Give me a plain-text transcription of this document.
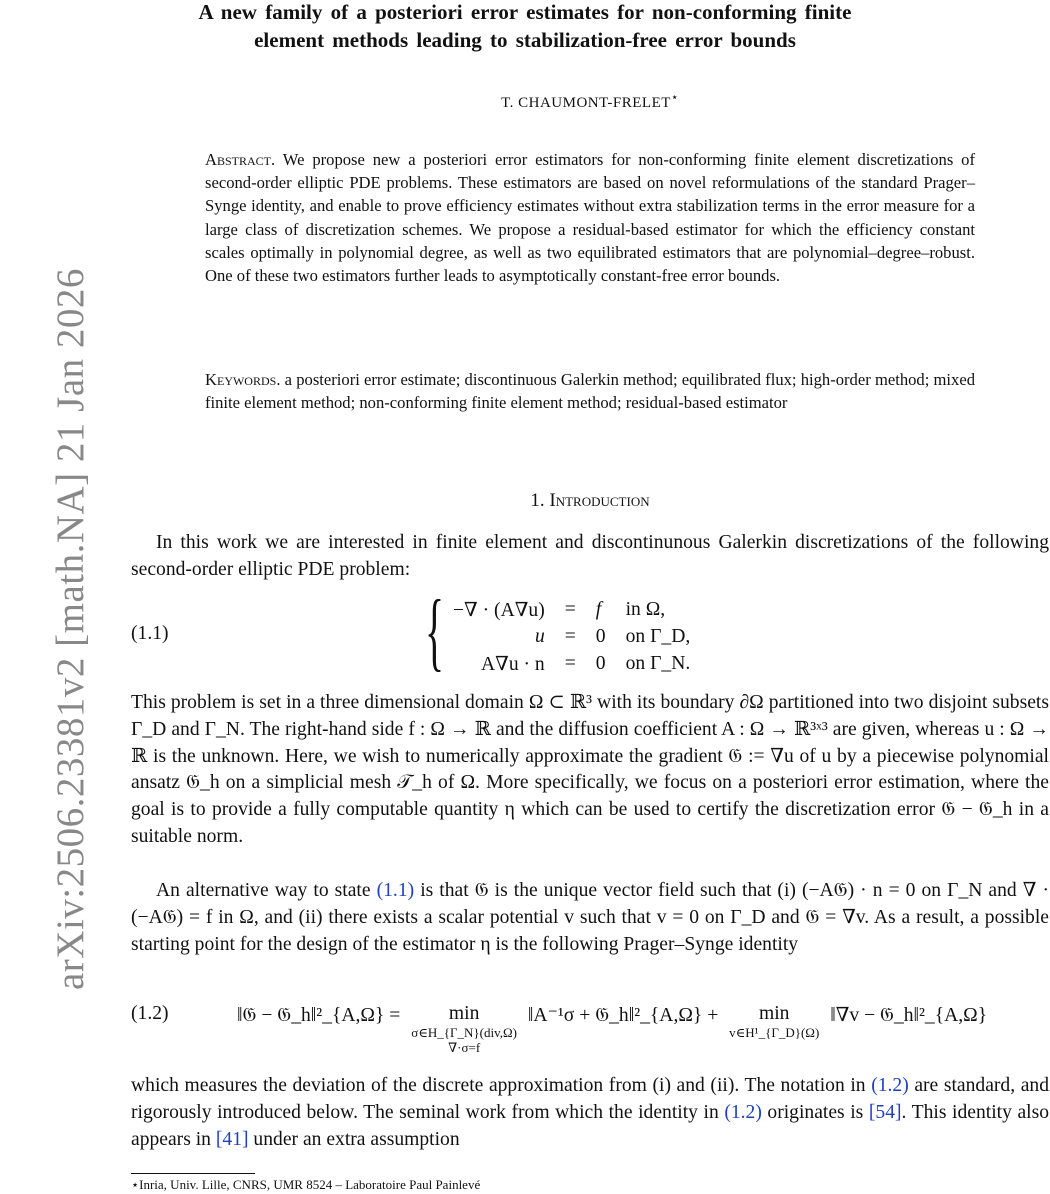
arXiv:2506.23381v2 [math.NA] 21 Jan 2026
A new family of a posteriori error estimates for non-conforming finite
element methods leading to stabilization-free error bounds
T. CHAUMONT-FRELET⋆
Abstract. We propose new a posteriori error estimators for non-conforming finite element discretizations of second-order elliptic PDE problems. These estimators are based on novel reformulations of the standard Prager–Synge identity, and enable to prove efficiency estimates without extra stabilization terms in the error measure for a large class of discretization schemes. We propose a residual-based estimator for which the efficiency constant scales optimally in polynomial degree, as well as two equilibrated estimators that are polynomial–degree–robust. One of these two estimators further leads to asymptotically constant-free error bounds.
Keywords. a posteriori error estimate; discontinuous Galerkin method; equilibrated flux; high-order method; mixed finite element method; non-conforming finite element method; residual-based estimator
1. Introduction
In this work we are interested in finite element and discontinunous Galerkin discretizations of the following second-order elliptic PDE problem:
(1.1)	{ −∇ · (A∇u)	=	f	in Ω,
u	=	0	on Γ_D,
A∇u · n	=	0	on Γ_N.
This problem is set in a three dimensional domain Ω ⊂ ℝ³ with its boundary ∂Ω partitioned into two disjoint subsets Γ_D and Γ_N. The right-hand side f : Ω → ℝ and the diffusion coefficient A : Ω → ℝ³ˣ³ are given, whereas u : Ω → ℝ is the unknown. Here, we wish to numerically approximate the gradient 𝔊 := ∇u of u by a piecewise polynomial ansatz 𝔊_h on a simplicial mesh 𝒯_h of Ω. More specifically, we focus on a posteriori error estimation, where the goal is to provide a fully computable quantity η which can be used to certify the discretization error 𝔊 − 𝔊_h in a suitable norm.
An alternative way to state (1.1) is that 𝔊 is the unique vector field such that (i) (−A𝔊) · n = 0 on Γ_N and ∇ · (−A𝔊) = f in Ω, and (ii) there exists a scalar potential v such that v = 0 on Γ_D and 𝔊 = ∇v. As a result, a possible starting point for the design of the estimator η is the following Prager–Synge identity
(1.2)	‖𝔊 − 𝔊_h‖²_{A,Ω} =	min
σ∈H_{Γ_N}(div,Ω)
∇·σ=f
‖A⁻¹σ + 𝔊_h‖²_{A,Ω} +	min
v∈H¹_{Γ_D}(Ω)
‖∇v − 𝔊_h‖²_{A,Ω}
which measures the deviation of the discrete approximation from (i) and (ii). The notation in (1.2) are standard, and rigorously introduced below. The seminal work from which the identity in (1.2) originates is [54]. This identity also appears in [41] under an extra assumption
⋆Inria, Univ. Lille, CNRS, UMR 8524 – Laboratoire Paul Painlevé
